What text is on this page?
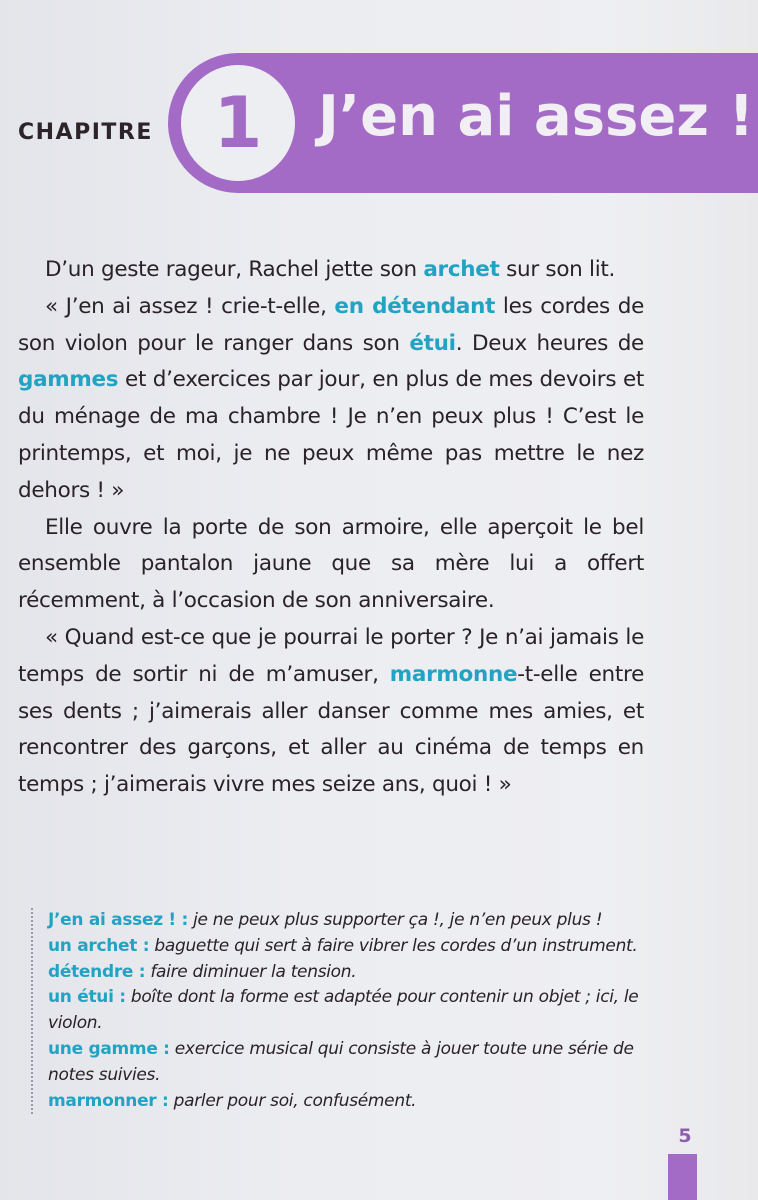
CHAPITRE 1 J’en ai assez !

D’un geste rageur, Rachel jette son archet sur son lit.

« J’en ai assez ! crie-t-elle, en détendant les cordes de son violon pour le ranger dans son étui. Deux heures de gammes et d’exercices par jour, en plus de mes devoirs et du ménage de ma chambre ! Je n’en peux plus ! C’est le printemps, et moi, je ne peux même pas mettre le nez dehors ! »

Elle ouvre la porte de son armoire, elle aperçoit le bel ensemble pantalon jaune que sa mère lui a offert récemment, à l’occasion de son anniversaire.

« Quand est-ce que je pourrai le porter ? Je n’ai jamais le temps de sortir ni de m’amuser, marmonne-t-elle entre ses dents ; j’aimerais aller danser comme mes amies, et rencontrer des garçons, et aller au cinéma de temps en temps ; j’aimerais vivre mes seize ans, quoi ! »

J’en ai assez ! : je ne peux plus supporter ça !, je n’en peux plus !
un archet : baguette qui sert à faire vibrer les cordes d’un instrument.
détendre : faire diminuer la tension.
un étui : boîte dont la forme est adaptée pour contenir un objet ; ici, le violon.
une gamme : exercice musical qui consiste à jouer toute une série de notes suivies.
marmonner : parler pour soi, confusément.
5
